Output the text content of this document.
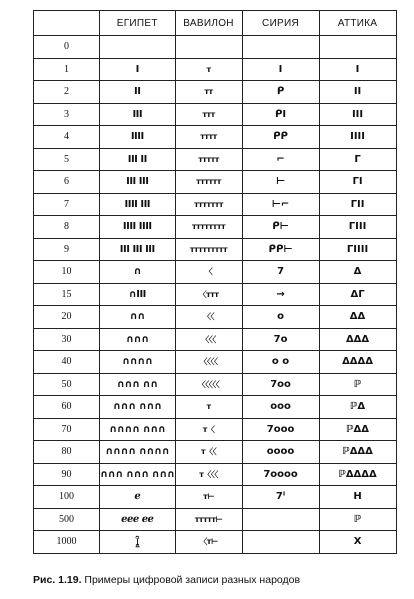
	ЕГИПЕТ	ВАВИЛОН	СИРИЯ	АТТИКА
0				
1	I	ᴛ	I	I
2	II	ᴛᴛ	ᑭ	II
3	III	ᴛᴛᴛ	ᑭI	III
4	IIII	ᴛᴛᴛᴛ	ᑭᑭ	IIII
5	III II	ᴛᴛᴛᴛᴛ	⌐	Γ
6	III III	ᴛᴛᴛᴛᴛᴛ	⊢	ΓI
7	IIII III	ᴛᴛᴛᴛᴛᴛᴛ	⊢⌐	ΓII
8	IIII IIII	ᴛᴛᴛᴛᴛᴛᴛᴛ	ᑭ⊢	ΓIII
9	III III III	ᴛᴛᴛᴛᴛᴛᴛᴛᴛ	ᑭᑭ⊢	ΓIIII
10	∩	〈	7	Δ
15	∩III	〈ᴛᴛᴛ	→	ΔΓ
20	∩∩	〈〈	o	ΔΔ
30	∩∩∩	〈〈〈	7o	ΔΔΔ
40	∩∩∩∩	〈〈〈〈	o o	ΔΔΔΔ
50	∩∩∩ ∩∩	〈〈〈〈〈	7oo	ℙ
60	∩∩∩ ∩∩∩	ᴛ	ooo	ℙΔ
70	∩∩∩∩ ∩∩∩	ᴛ〈	7ooo	ℙΔΔ
80	∩∩∩∩ ∩∩∩∩	ᴛ〈〈	oooo	ℙΔΔΔ
90	∩∩∩ ∩∩∩ ∩∩∩	ᴛ〈〈〈	7oooo	ℙΔΔΔΔ
100	ℯ	ᴛ⊢	7ᴵ	H
500	ℯℯℯ ℯℯ	ᴛᴛᴛᴛᴛ⊢		ℙ
1000	𓆼	〈ᴛ⊢		X
Рис. 1.19. Примеры цифровой записи разных народов
